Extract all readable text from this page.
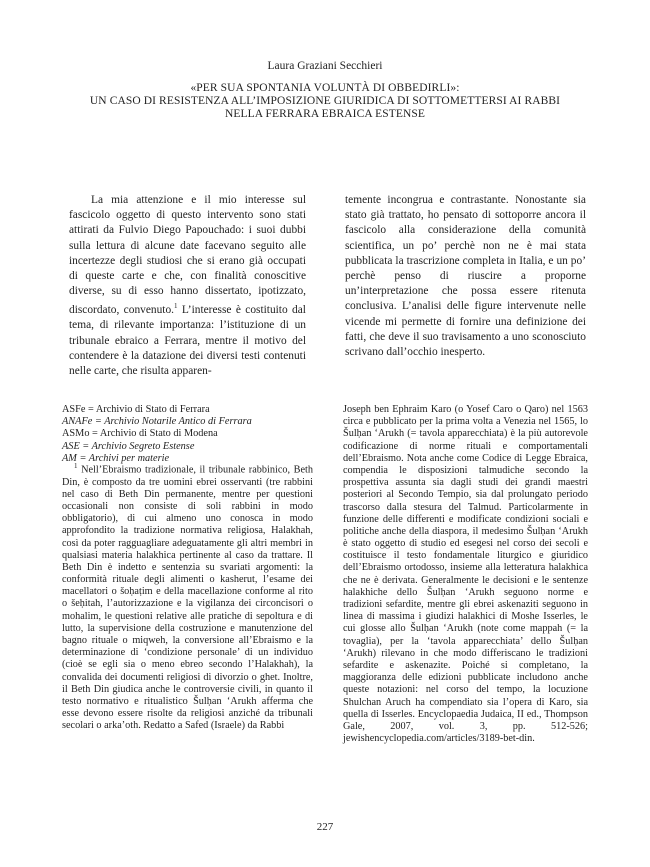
Laura Graziani Secchieri
«PER SUA SPONTANIA VOLUNTÀ DI OBBEDIRLI»:
UN CASO DI RESISTENZA ALL’IMPOSIZIONE GIURIDICA DI SOTTOMETTERSI AI RABBI
NELLA FERRARA EBRAICA ESTENSE

La mia attenzione e il mio interesse sul fascicolo oggetto di questo intervento sono stati attirati da Fulvio Diego Papouchado: i suoi dubbi sulla lettura di alcune date facevano seguito alle incertezze degli studiosi che si erano già occupati di queste carte e che, con finalità conoscitive diverse, su di esso hanno dissertato, ipotizzato, discordato, convenuto.$^1$ L’interesse è costituito dal tema, di rilevante importanza: l’istituzione di un tribunale ebraico a Ferrara, mentre il motivo del contendere è la datazione dei diversi testi contenuti nelle carte, che risulta apparen-

temente incongrua e contrastante. Nonostante sia stato già trattato, ho pensato di sottoporre ancora il fascicolo alla considerazione della comunità scientifica, un po’ perchè non ne è mai stata pubblicata la trascrizione completa in Italia, e un po’ perchè penso di riuscire a proporne un’interpretazione che possa essere ritenuta conclusiva. L’analisi delle figure intervenute nelle vicende mi permette di fornire una definizione dei fatti, che deve il suo travisamento a uno sconosciuto scrivano dall’occhio inesperto.

ASFe = Archivio di Stato di Ferrara
ANAFe = Archivio Notarile Antico di Ferrara
ASMo = Archivio di Stato di Modena
ASE = Archivio Segreto Estense
AM = Archivi per materie

$^1$ Nell’Ebraismo tradizionale, il tribunale rabbinico, Beth Din, è composto da tre uomini ebrei osservanti (tre rabbini nel caso di Beth Din permanente, mentre per questioni occasionali non consiste di soli rabbini in modo obbligatorio), di cui almeno uno conosca in modo approfondito la tradizione normativa religiosa, Halakhah, così da poter ragguagliare adeguatamente gli altri membri in qualsiasi materia halakhica pertinente al caso da trattare. Il Beth Din è indetto e sentenzia su svariati argomenti: la conformità rituale degli alimenti o kasherut, l’esame dei macellatori o šoḥaṭim e della macellazione conforme al rito o šeḥitah, l’autorizzazione e la vigilanza dei circoncisori o mohalim, le questioni relative alle pratiche di sepoltura e di lutto, la supervisione della costruzione e manutenzione del bagno rituale o miqweh, la conversione all’Ebraismo e la determinazione di ‘condizione personale’ di un individuo (cioè se egli sia o meno ebreo secondo l’Halakhah), la convalida dei documenti religiosi di divorzio o ghet. Inoltre, il Beth Din giudica anche le controversie civili, in quanto il testo normativo e ritualistico Šulḥan ‘Arukh afferma che esse devono essere risolte da religiosi anziché da tribunali secolari o arka’oth. Redatto a Safed (Israele) da Rabbi

Joseph ben Ephraim Karo (o Yosef Caro o Qaro) nel 1563 circa e pubblicato per la prima volta a Venezia nel 1565, lo Šulḥan ‘Arukh (= tavola apparecchiata) è la più autorevole codificazione di norme rituali e comportamentali dell’Ebraismo. Nota anche come Codice di Legge Ebraica, compendia le disposizioni talmudiche secondo la prospettiva assunta sia dagli studi dei grandi maestri posteriori al Secondo Tempio, sia dal prolungato periodo trascorso dalla stesura del Talmud. Particolarmente in funzione delle differenti e modificate condizioni sociali e politiche anche della diaspora, il medesimo Šulḥan ‘Arukh è stato oggetto di studio ed esegesi nel corso dei secoli e costituisce il testo fondamentale liturgico e giuridico dell’Ebraismo ortodosso, insieme alla letteratura halakhica che ne è derivata. Generalmente le decisioni e le sentenze halakhiche dello Šulḥan ‘Arukh seguono norme e tradizioni sefardite, mentre gli ebrei askenaziti seguono in linea di massima i giudizi halakhici di Moshe Isserles, le cui glosse allo Šulḥan ‘Arukh (note come mappah (= la tovaglia), per la ‘tavola apparecchiata’ dello Šulḥan ‘Arukh) rilevano in che modo differiscano le tradizioni sefardite e askenazite. Poiché si completano, la maggioranza delle edizioni pubblicate includono anche queste notazioni: nel corso del tempo, la locuzione Shulchan Aruch ha compendiato sia l’opera di Karo, sia quella di Isserles. Encyclopaedia Judaica, II ed., Thompson Gale, 2007, vol. 3, pp. 512-526; jewishencyclopedia.com/articles/3189-bet-din.

227
